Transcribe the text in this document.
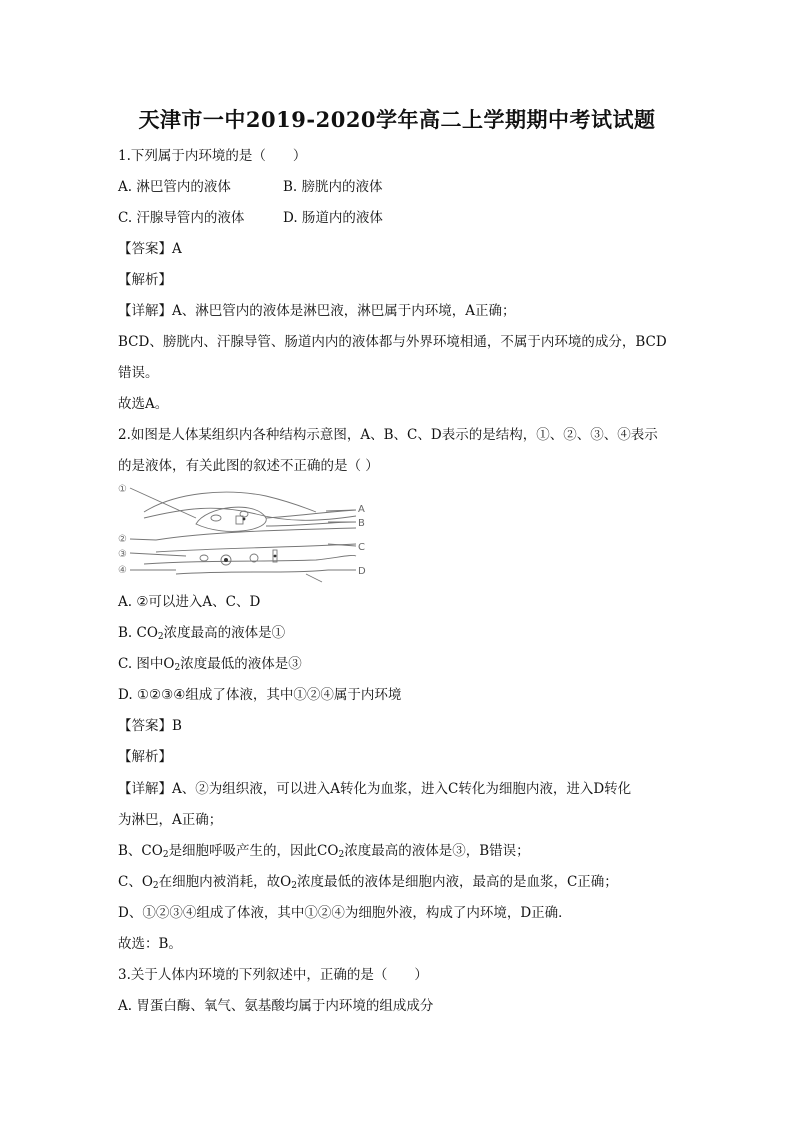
天津市一中2019-2020学年高二上学期期中考试试题
1.下列属于内环境的是（　　）
A. 淋巴管内的液体	B. 膀胱内的液体
C. 汗腺导管内的液体	D. 肠道内的液体
【答案】A
【解析】
【详解】A、淋巴管内的液体是淋巴液，淋巴属于内环境，A正确；
BCD、膀胱内、汗腺导管、肠道内内的液体都与外界环境相通，不属于内环境的成分，BCD
错误。
故选A。
2.如图是人体某组织内各种结构示意图，A、B、C、D表示的是结构，①、②、③、④表示
的是液体，有关此图的叙述不正确的是（ ）
①
②
③
④
A
B
C
D
A. ②可以进入A、C、D
B. $CO_2$浓度最高的液体是①
C. 图中$O_2$浓度最低的液体是③
D. ①②③④组成了体液，其中①②④属于内环境
【答案】B
【解析】
【详解】A、②为组织液，可以进入A转化为血浆，进入C转化为细胞内液，进入D转化
为淋巴，A正确；
B、$CO_2$是细胞呼吸产生的，因此$CO_2$浓度最高的液体是③，B错误；
C、$O_2$在细胞内被消耗，故$O_2$浓度最低的液体是细胞内液，最高的是血浆，C正确；
D、①②③④组成了体液，其中①②④为细胞外液，构成了内环境，D正确．
故选：B。
3.关于人体内环境的下列叙述中，正确的是（　　）
A. 胃蛋白酶、氧气、氨基酸均属于内环境的组成成分
